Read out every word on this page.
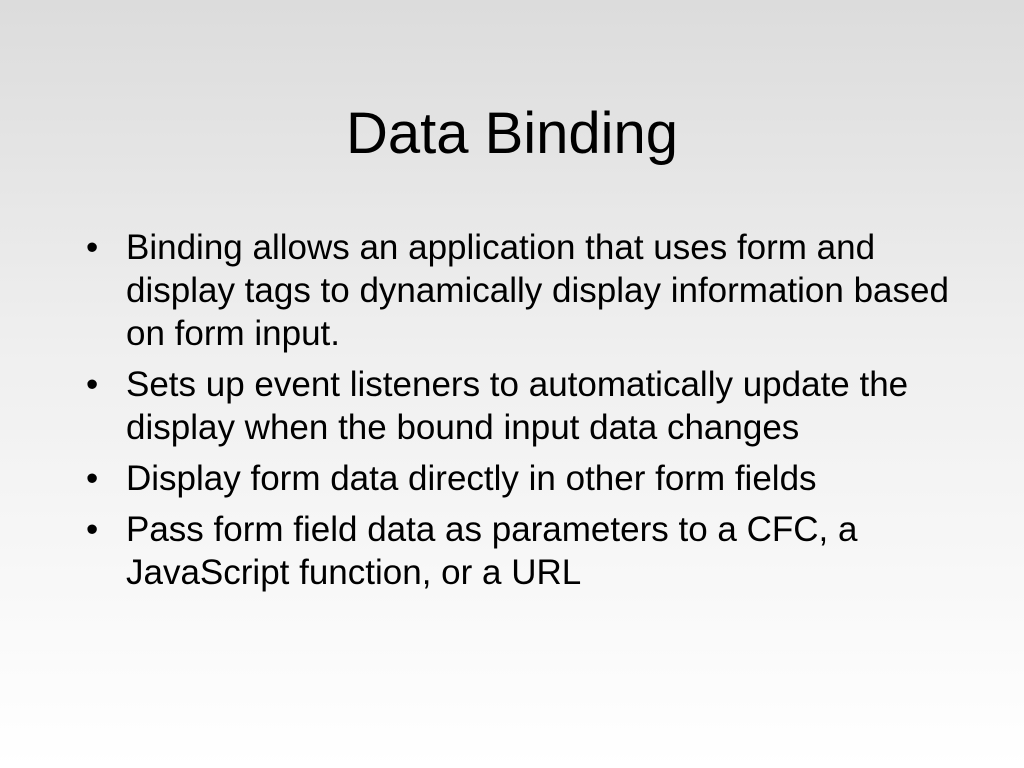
Data Binding
• Binding allows an application that uses form and display tags to dynamically display information based on form input.
• Sets up event listeners to automatically update the display when the bound input data changes
• Display form data directly in other form fields
• Pass form field data as parameters to a CFC, a JavaScript function, or a URL
